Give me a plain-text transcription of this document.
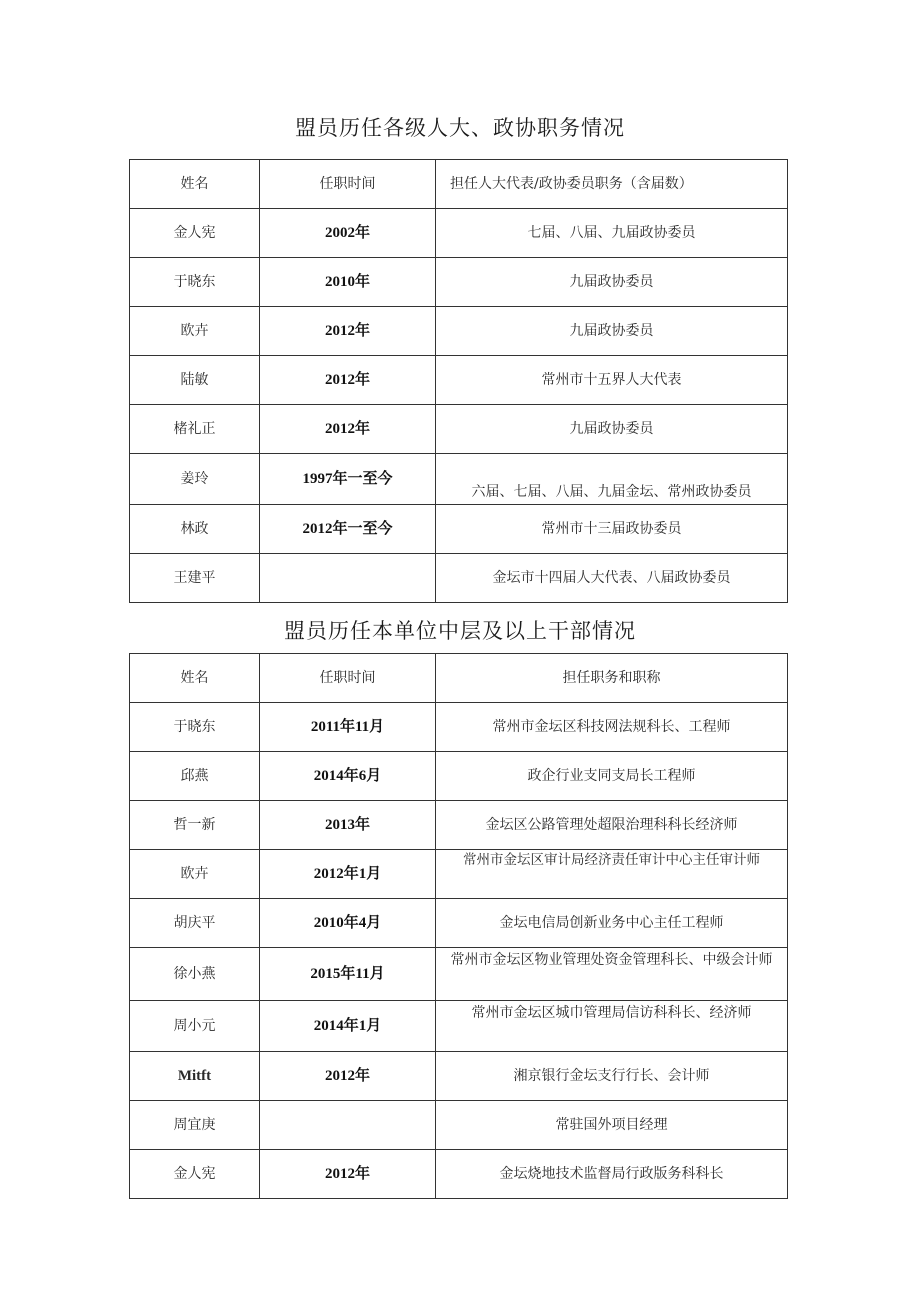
盟员历任各级人大、政协职务情况
姓名	任职时间	担任人大代表/政协委员职务（含届数）
金人宪	2002年	七届、八届、九届政协委员
于晓东	2010年	九届政协委员
欧卉	2012年	九届政协委员
陆敏	2012年	常州市十五界人大代表
楮礼正	2012年	九届政协委员
姜玲	1997年一至今	六届、七届、八届、九届金坛、常州政协委员
林政	2012年一至今	常州市十三届政协委员
王建平		金坛市十四届人大代表、八届政协委员
盟员历任本单位中层及以上干部情况
姓名	任职时间	担任职务和职称
于晓东	2011年11月	常州市金坛区科技网法规科长、工程师
邱燕	2014年6月	政企行业支同支局长工程师
哲一新	2013年	金坛区公路管理处超限治理科科长经济师
欧卉	2012年1月	常州市金坛区审计局经济责任审计中心主任审计师
胡庆平	2010年4月	金坛电信局创新业务中心主任工程师
徐小燕	2015年11月	常州市金坛区物业管理处资金管理科长、中级会计师
周小元	2014年1月	常州市金坛区城巾管理局信访科科长、经济师
Mitft	2012年	湘京银行金坛支行行长、会计师
周宜庚		常驻国外项目经理
金人宪	2012年	金坛烧地技术监督局行政版务科科长
